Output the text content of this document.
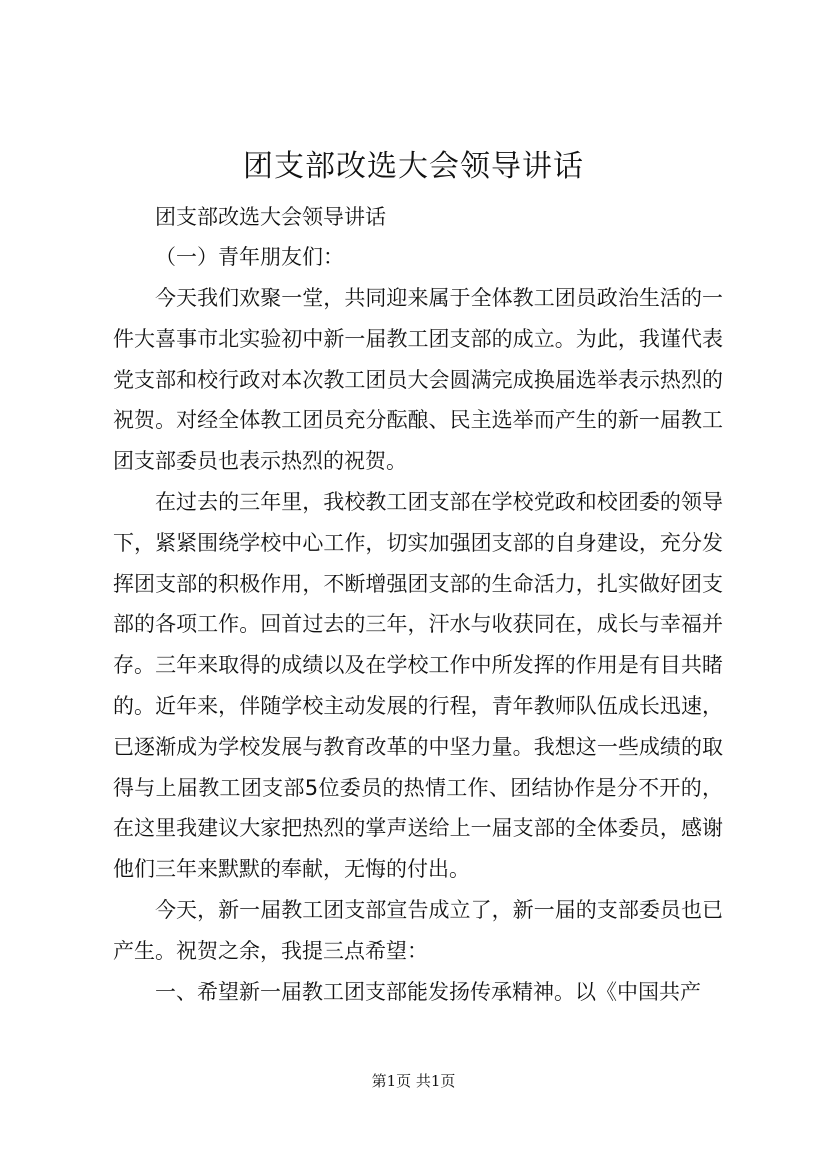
团支部改选大会领导讲话
团支部改选大会领导讲话
（一）青年朋友们：

今天我们欢聚一堂，共同迎来属于全体教工团员政治生活的一件大喜事市北实验初中新一届教工团支部的成立。为此，我谨代表党支部和校行政对本次教工团员大会圆满完成换届选举表示热烈的祝贺。对经全体教工团员充分酝酿、民主选举而产生的新一届教工团支部委员也表示热烈的祝贺。

在过去的三年里，我校教工团支部在学校党政和校团委的领导下，紧紧围绕学校中心工作，切实加强团支部的自身建设，充分发挥团支部的积极作用，不断增强团支部的生命活力，扎实做好团支部的各项工作。回首过去的三年，汗水与收获同在，成长与幸福并存。三年来取得的成绩以及在学校工作中所发挥的作用是有目共睹的。近年来，伴随学校主动发展的行程，青年教师队伍成长迅速，已逐渐成为学校发展与教育改革的中坚力量。我想这一些成绩的取得与上届教工团支部5位委员的热情工作、团结协作是分不开的，在这里我建议大家把热烈的掌声送给上一届支部的全体委员，感谢他们三年来默默的奉献，无悔的付出。

今天，新一届教工团支部宣告成立了，新一届的支部委员也已产生。祝贺之余，我提三点希望：

一、希望新一届教工团支部能发扬传承精神。以《中国共产

第1页 共1页
